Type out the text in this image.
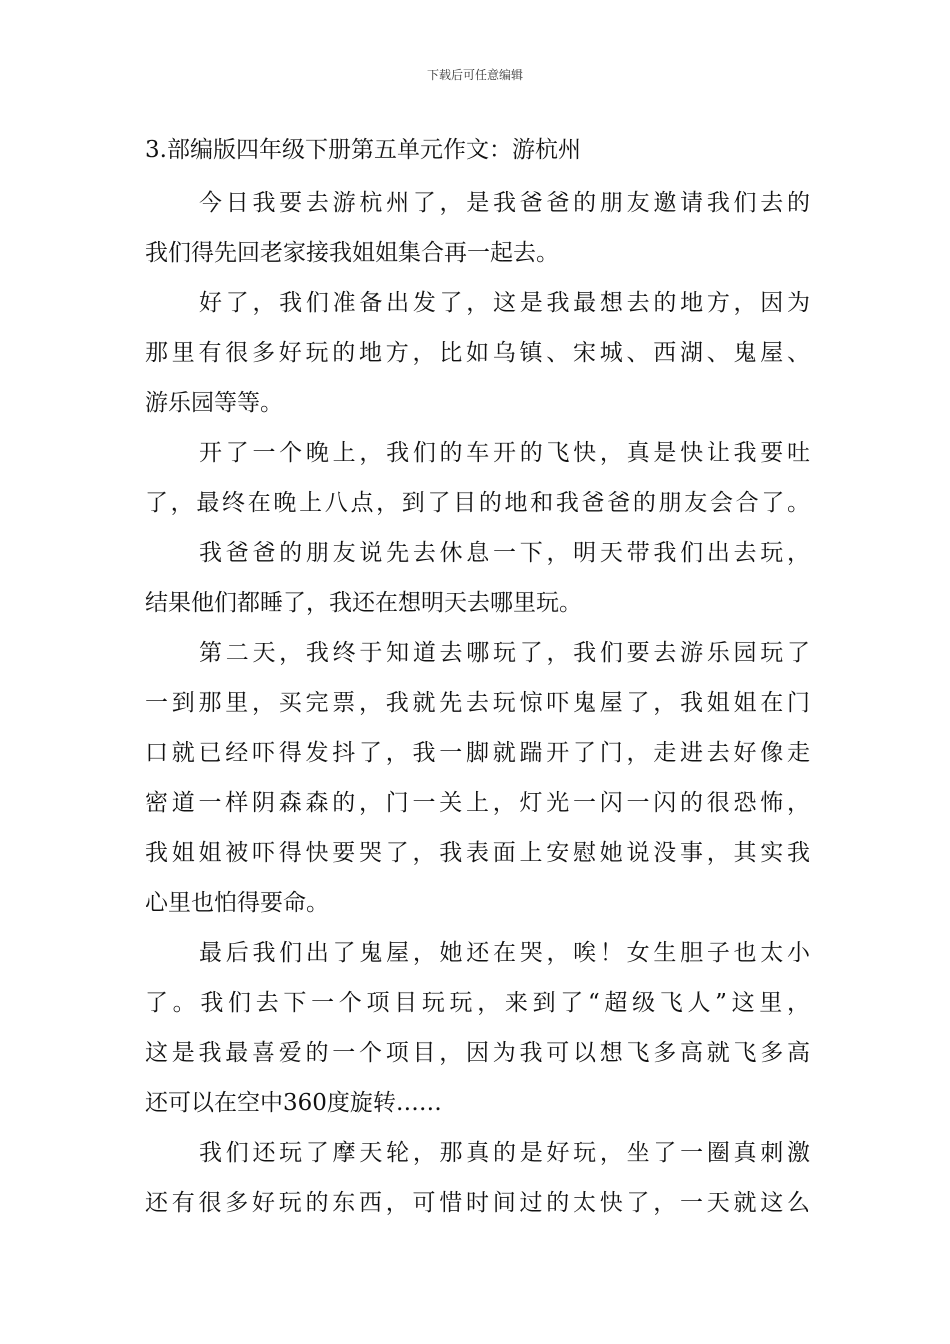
下载后可任意编辑
3.部编版四年级下册第五单元作文：游杭州
今日我要去游杭州了，是我爸爸的朋友邀请我们去的
我们得先回老家接我姐姐集合再一起去。
好了，我们准备出发了，这是我最想去的地方，因为
那里有很多好玩的地方，比如乌镇、宋城、西湖、鬼屋、
游乐园等等。
开了一个晚上，我们的车开的飞快，真是快让我要吐
了，最终在晚上八点，到了目的地和我爸爸的朋友会合了。
我爸爸的朋友说先去休息一下，明天带我们出去玩，
结果他们都睡了，我还在想明天去哪里玩。
第二天，我终于知道去哪玩了，我们要去游乐园玩了
一到那里，买完票，我就先去玩惊吓鬼屋了，我姐姐在门
口就已经吓得发抖了，我一脚就踹开了门，走进去好像走
密道一样阴森森的，门一关上，灯光一闪一闪的很恐怖，
我姐姐被吓得快要哭了，我表面上安慰她说没事，其实我
心里也怕得要命。
最后我们出了鬼屋，她还在哭，唉！女生胆子也太小
了。我们去下一个项目玩玩，来到了“超级飞人”这里，
这是我最喜爱的一个项目，因为我可以想飞多高就飞多高
还可以在空中360度旋转……
我们还玩了摩天轮，那真的是好玩，坐了一圈真刺激
还有很多好玩的东西，可惜时间过的太快了，一天就这么
